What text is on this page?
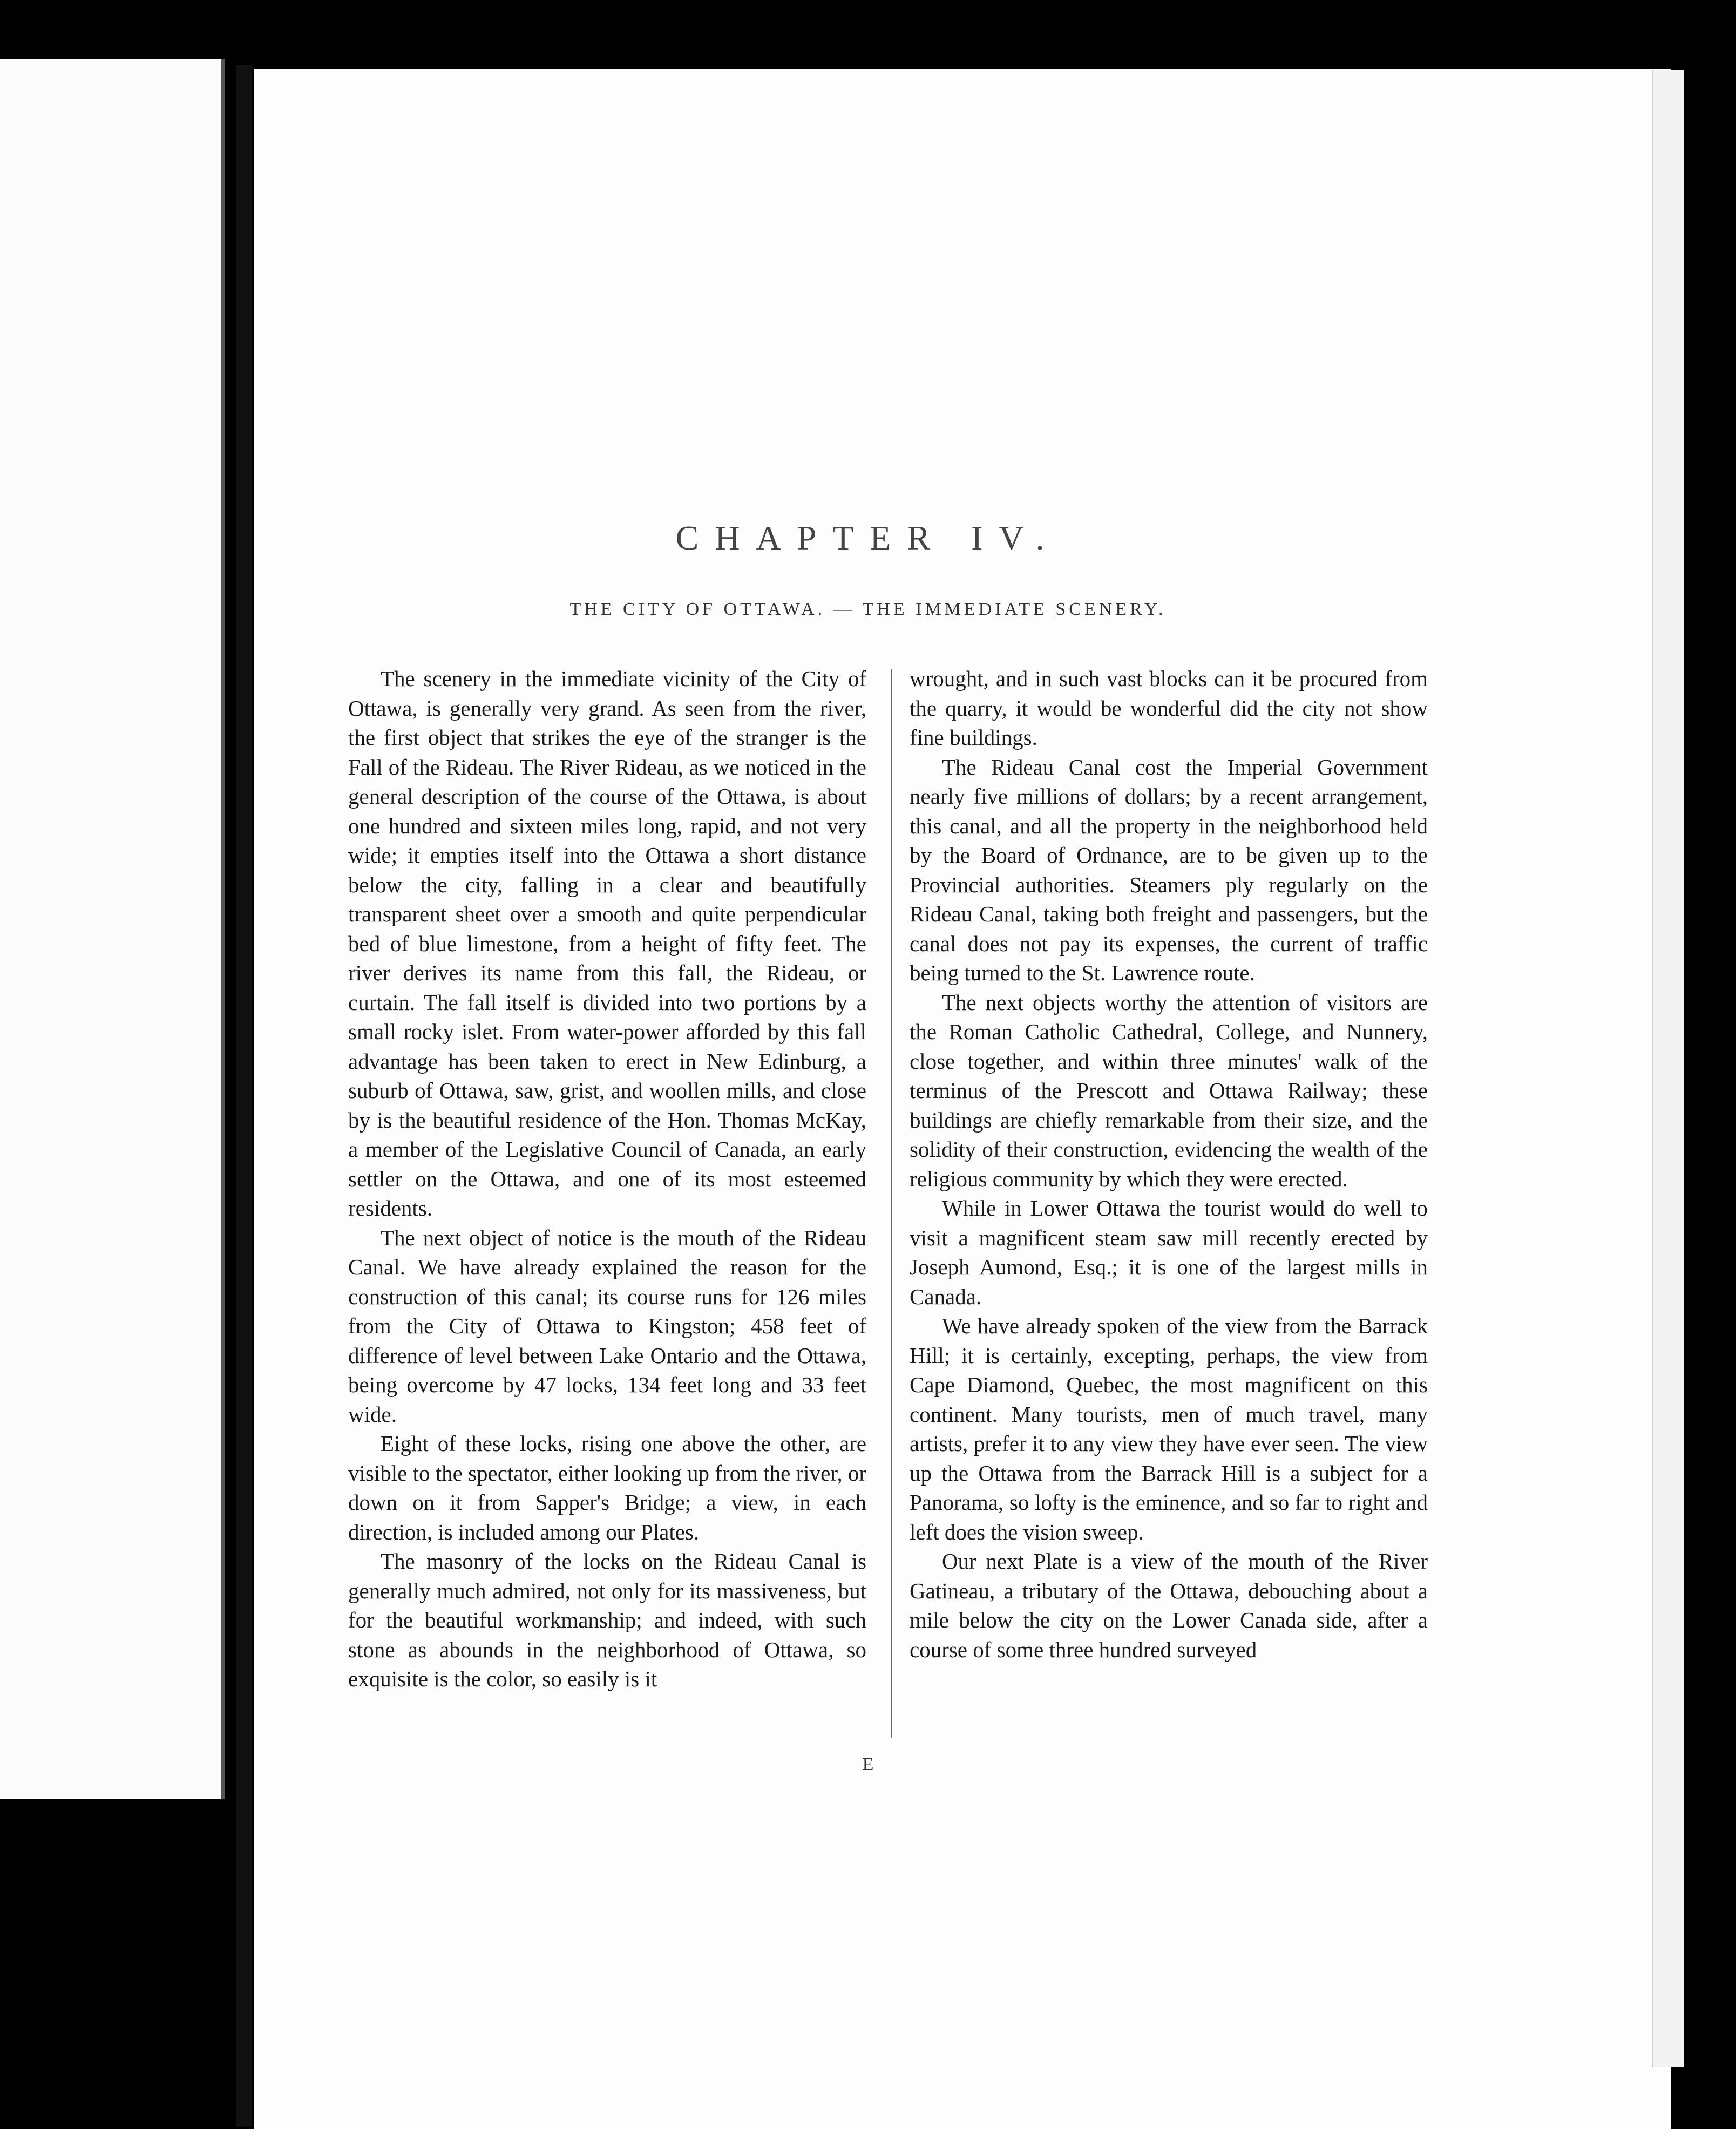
CHAPTER IV.
THE CITY OF OTTAWA. — THE IMMEDIATE SCENERY.

The scenery in the immediate vicinity of the City of Ottawa, is generally very grand. As seen from the river, the first object that strikes the eye of the stranger is the Fall of the Rideau. The River Rideau, as we noticed in the general description of the course of the Ottawa, is about one hundred and sixteen miles long, rapid, and not very wide; it empties itself into the Ottawa a short distance below the city, falling in a clear and beautifully transparent sheet over a smooth and quite perpendicular bed of blue limestone, from a height of fifty feet. The river derives its name from this fall, the Rideau, or curtain. The fall itself is divided into two portions by a small rocky islet. From water-power afforded by this fall advantage has been taken to erect in New Edinburg, a suburb of Ottawa, saw, grist, and woollen mills, and close by is the beautiful residence of the Hon. Thomas McKay, a member of the Legislative Council of Canada, an early settler on the Ottawa, and one of its most esteemed residents.

The next object of notice is the mouth of the Rideau Canal. We have already explained the reason for the construction of this canal; its course runs for 126 miles from the City of Ottawa to Kingston; 458 feet of difference of level between Lake Ontario and the Ottawa, being overcome by 47 locks, 134 feet long and 33 feet wide.

Eight of these locks, rising one above the other, are visible to the spectator, either looking up from the river, or down on it from Sapper's Bridge; a view, in each direction, is included among our Plates.

The masonry of the locks on the Rideau Canal is generally much admired, not only for its massiveness, but for the beautiful workmanship; and indeed, with such stone as abounds in the neighborhood of Ottawa, so exquisite is the color, so easily is it

wrought, and in such vast blocks can it be procured from the quarry, it would be wonderful did the city not show fine buildings.

The Rideau Canal cost the Imperial Government nearly five millions of dollars; by a recent arrangement, this canal, and all the property in the neighborhood held by the Board of Ordnance, are to be given up to the Provincial authorities. Steamers ply regularly on the Rideau Canal, taking both freight and passengers, but the canal does not pay its expenses, the current of traffic being turned to the St. Lawrence route.

The next objects worthy the attention of visitors are the Roman Catholic Cathedral, College, and Nunnery, close together, and within three minutes' walk of the terminus of the Prescott and Ottawa Railway; these buildings are chiefly remarkable from their size, and the solidity of their construction, evidencing the wealth of the religious community by which they were erected.

While in Lower Ottawa the tourist would do well to visit a magnificent steam saw mill recently erected by Joseph Aumond, Esq.; it is one of the largest mills in Canada.

We have already spoken of the view from the Barrack Hill; it is certainly, excepting, perhaps, the view from Cape Diamond, Quebec, the most magnificent on this continent. Many tourists, men of much travel, many artists, prefer it to any view they have ever seen. The view up the Ottawa from the Barrack Hill is a subject for a Panorama, so lofty is the eminence, and so far to right and left does the vision sweep.

Our next Plate is a view of the mouth of the River Gatineau, a tributary of the Ottawa, debouching about a mile below the city on the Lower Canada side, after a course of some three hundred surveyed

E
